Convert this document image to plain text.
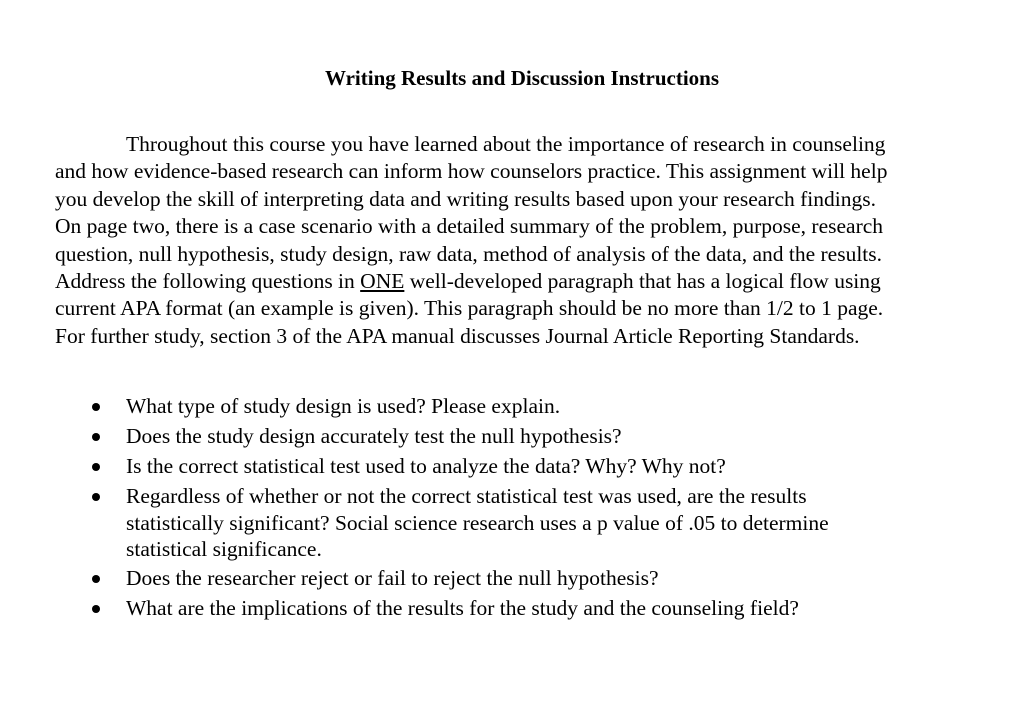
Writing Results and Discussion Instructions
Throughout this course you have learned about the importance of research in counseling
and how evidence-based research can inform how counselors practice. This assignment will help
you develop the skill of interpreting data and writing results based upon your research findings.
On page two, there is a case scenario with a detailed summary of the problem, purpose, research
question, null hypothesis, study design, raw data, method of analysis of the data, and the results.
Address the following questions in ONE well-developed paragraph that has a logical flow using
current APA format (an example is given). This paragraph should be no more than 1/2 to 1 page.
For further study, section 3 of the APA manual discusses Journal Article Reporting Standards.
What type of study design is used? Please explain.
Does the study design accurately test the null hypothesis?
Is the correct statistical test used to analyze the data? Why? Why not?
Regardless of whether or not the correct statistical test was used, are the results
statistically significant? Social science research uses a p value of .05 to determine
statistical significance.
Does the researcher reject or fail to reject the null hypothesis?
What are the implications of the results for the study and the counseling field?
